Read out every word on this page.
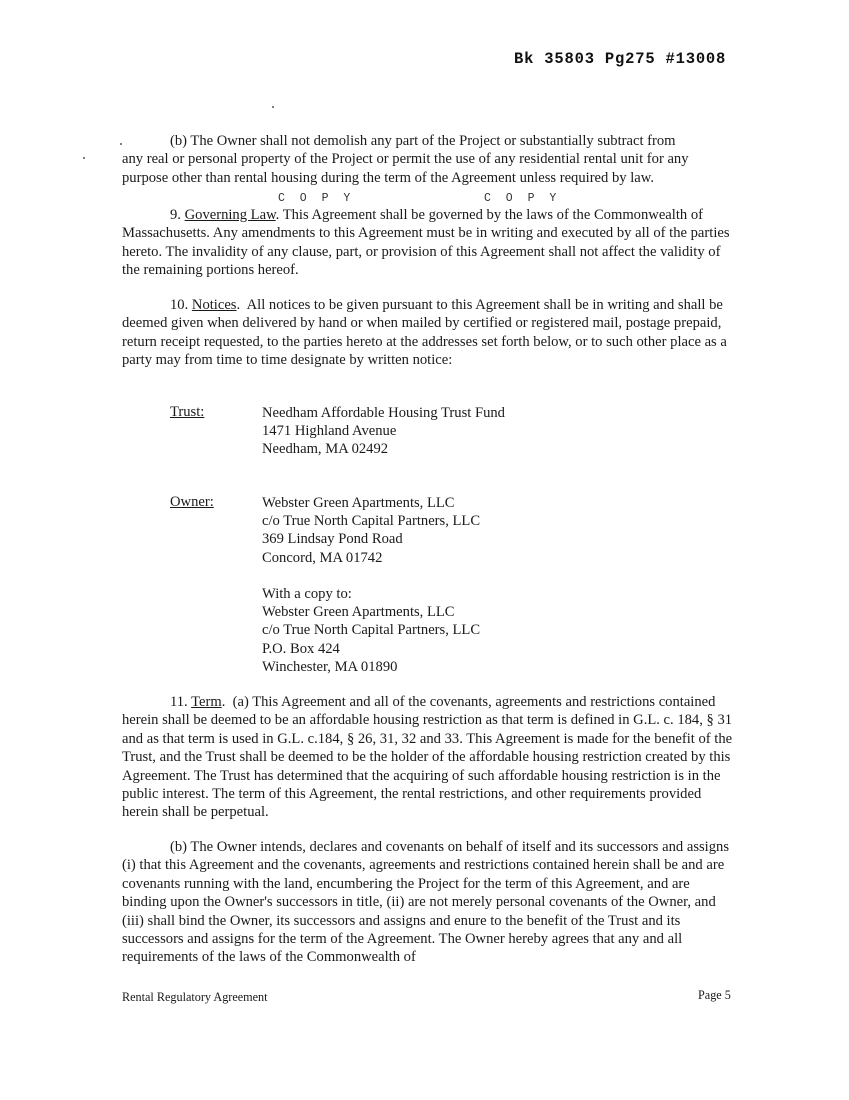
Bk 35803 Pg275 #13008
(b) The Owner shall not demolish any part of the Project or substantially subtract from
any real or personal property of the Project or permit the use of any residential rental unit for any
purpose other than rental housing during the term of the Agreement unless required by law.
C O P Y	C O P Y
9. Governing Law. This Agreement shall be governed by the laws of the Commonwealth of Massachusetts. Any amendments to this Agreement must be in writing and executed by all of the parties hereto. The invalidity of any clause, part, or provision of this Agreement shall not affect the validity of the remaining portions hereof.
10. Notices.  All notices to be given pursuant to this Agreement shall be in writing and shall be deemed given when delivered by hand or when mailed by certified or registered mail, postage prepaid, return receipt requested, to the parties hereto at the addresses set forth below, or to such other place as a party may from time to time designate by written notice:
Trust:	Needham Affordable Housing Trust Fund
1471 Highland Avenue
Needham, MA 02492
Owner:	Webster Green Apartments, LLC
c/o True North Capital Partners, LLC
369 Lindsay Pond Road
Concord, MA 01742
With a copy to:
Webster Green Apartments, LLC
c/o True North Capital Partners, LLC
P.O. Box 424
Winchester, MA 01890
11. Term.  (a) This Agreement and all of the covenants, agreements and restrictions contained herein shall be deemed to be an affordable housing restriction as that term is defined in G.L. c. 184, § 31 and as that term is used in G.L. c.184, § 26, 31, 32 and 33. This Agreement is made for the benefit of the Trust, and the Trust shall be deemed to be the holder of the affordable housing restriction created by this Agreement. The Trust has determined that the acquiring of such affordable housing restriction is in the public interest. The term of this Agreement, the rental restrictions, and other requirements provided herein shall be perpetual.
(b) The Owner intends, declares and covenants on behalf of itself and its successors and assigns (i) that this Agreement and the covenants, agreements and restrictions contained herein shall be and are covenants running with the land, encumbering the Project for the term of this Agreement, and are binding upon the Owner's successors in title, (ii) are not merely personal covenants of the Owner, and (iii) shall bind the Owner, its successors and assigns and enure to the benefit of the Trust and its successors and assigns for the term of the Agreement. The Owner hereby agrees that any and all requirements of the laws of the Commonwealth of
Rental Regulatory Agreement	Page 5
